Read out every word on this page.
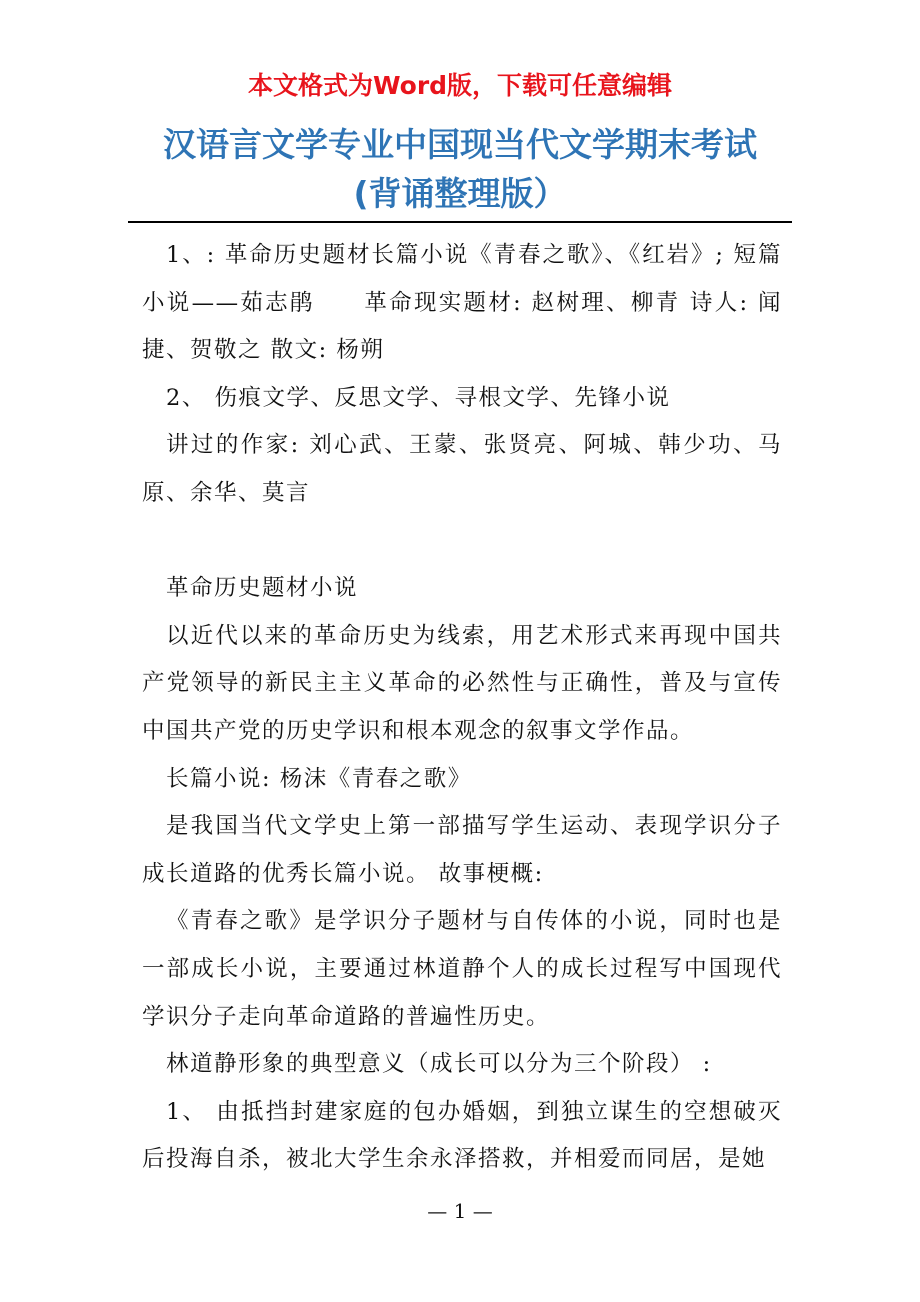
本文格式为Word版，下载可任意编辑
汉语言文学专业中国现当代文学期末考试
(背诵整理版）

1、: 革命历史题材长篇小说《青春之歌》、《红岩》; 短篇小说——茹志鹃　　革命现实题材: 赵树理、柳青 诗人: 闻捷、贺敬之 散文: 杨朔

2、 伤痕文学、反思文学、寻根文学、先锋小说

讲过的作家: 刘心武、王蒙、张贤亮、阿城、韩少功、马原、余华、莫言

革命历史题材小说

以近代以来的革命历史为线索，用艺术形式来再现中国共产党领导的新民主主义革命的必然性与正确性，普及与宣传中国共产党的历史学识和根本观念的叙事文学作品。

长篇小说: 杨沫《青春之歌》

是我国当代文学史上第一部描写学生运动、表现学识分子成长道路的优秀长篇小说。 故事梗概:

《青春之歌》是学识分子题材与自传体的小说，同时也是一部成长小说，主要通过林道静个人的成长过程写中国现代学识分子走向革命道路的普遍性历史。

林道静形象的典型意义（成长可以分为三个阶段） :

1、 由抵挡封建家庭的包办婚姻，到独立谋生的空想破灭后投海自杀，被北大学生余永泽搭救，并相爱而同居，是她

— 1 —
